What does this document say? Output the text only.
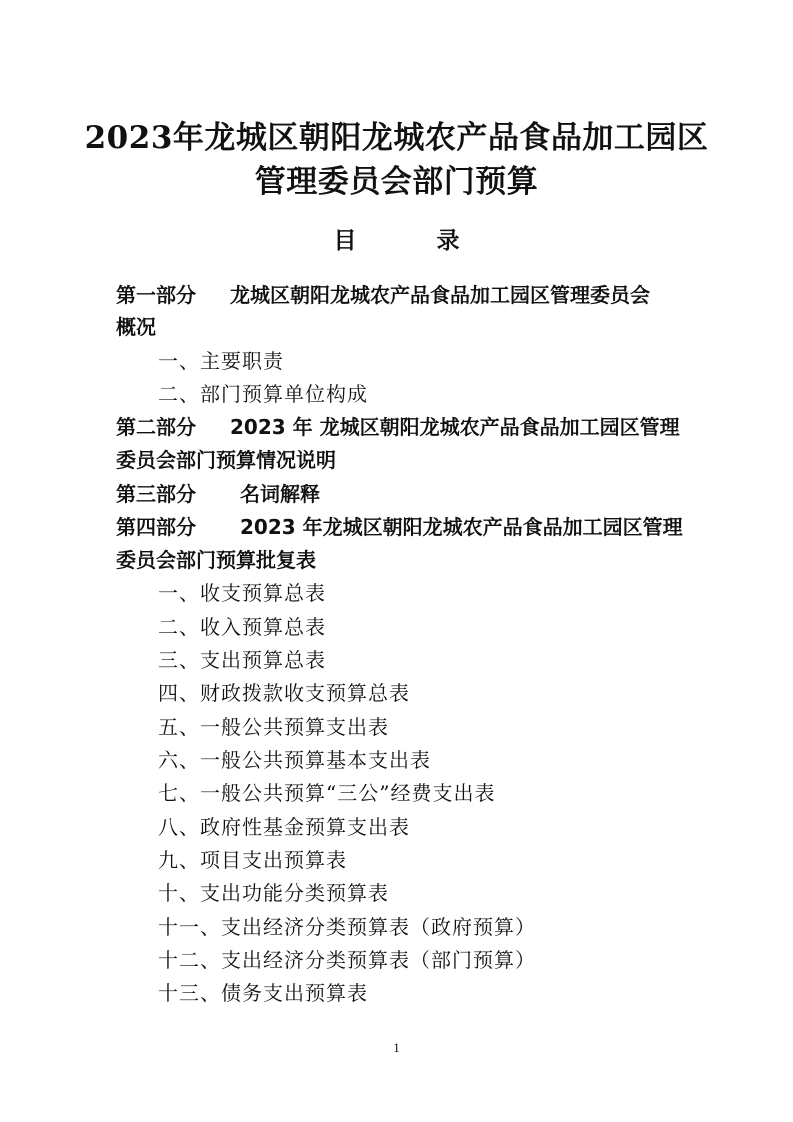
2023年龙城区朝阳龙城农产品食品加工园区
管理委员会部门预算
目          录
第一部分 龙城区朝阳龙城农产品食品加工园区管理委员会
概况
一、主要职责
二、部门预算单位构成
第二部分 2023 年 龙城区朝阳龙城农产品食品加工园区管理
委员会部门预算情况说明
第三部分 名词解释
第四部分 2023 年龙城区朝阳龙城农产品食品加工园区管理
委员会部门预算批复表
一、收支预算总表
二、收入预算总表
三、支出预算总表
四、财政拨款收支预算总表
五、一般公共预算支出表
六、一般公共预算基本支出表
七、一般公共预算“三公”经费支出表
八、政府性基金预算支出表
九、项目支出预算表
十、支出功能分类预算表
十一、支出经济分类预算表（政府预算）
十二、支出经济分类预算表（部门预算）
十三、债务支出预算表
1
